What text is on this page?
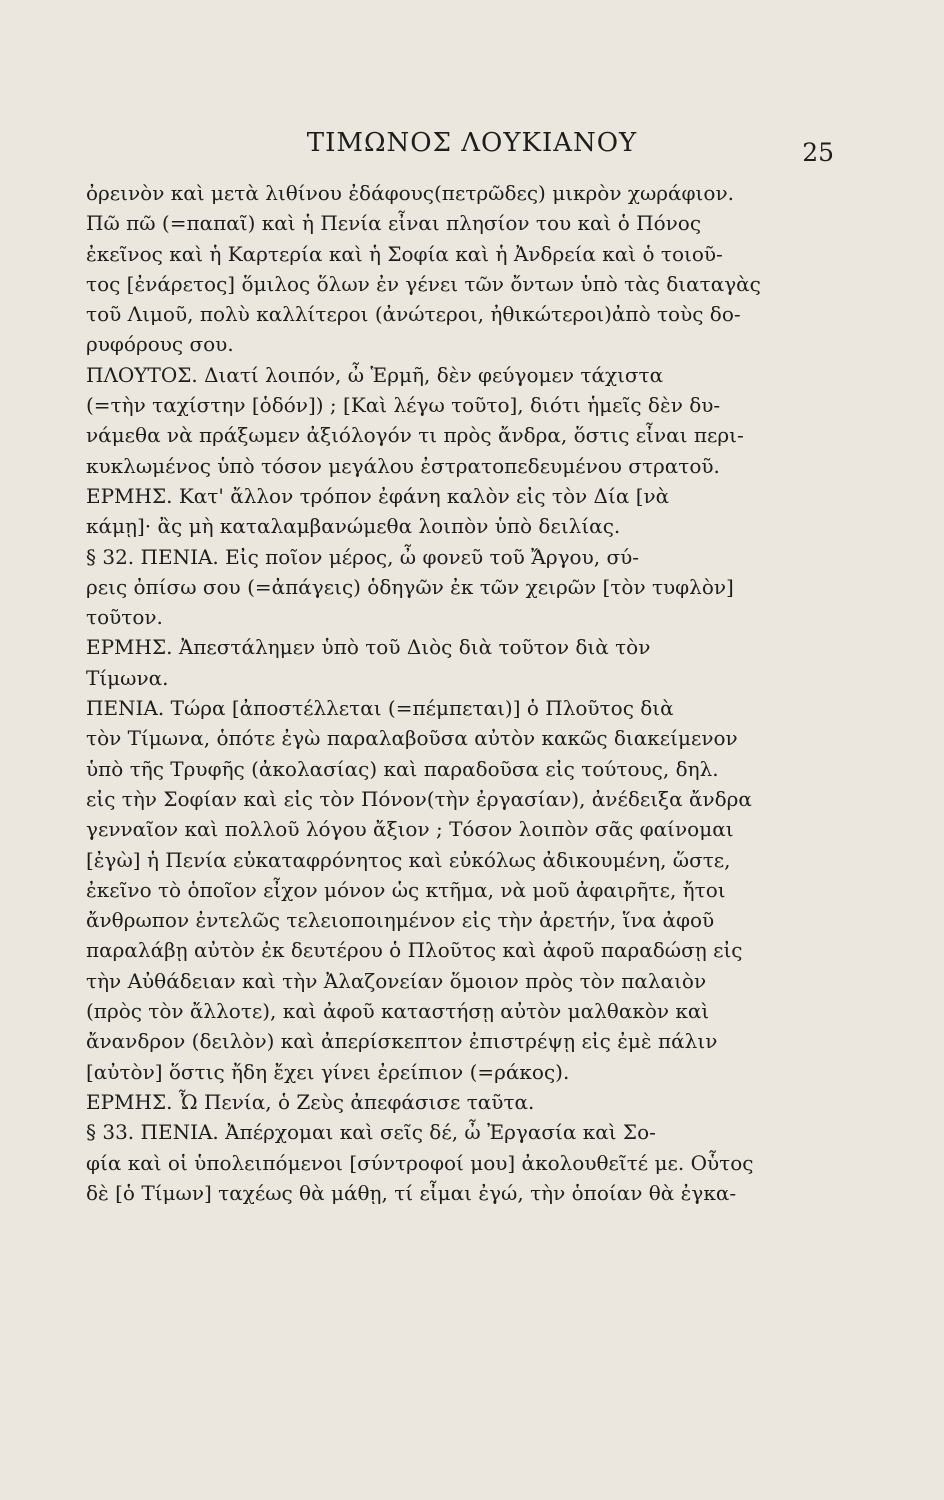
ΤΙΜΩΝΟΣ ΛΟΥΚΙΑΝΟΥ	25
ὀρεινὸν καὶ μετὰ λιθίνου ἐδάφους(πετρῶδες) μικρὸν χωράφιον.
Πῶ πῶ (=παπαῖ) καὶ ἡ Πενία εἶναι πλησίον του καὶ ὁ Πόνος
ἐκεῖνος καὶ ἡ Καρτερία καὶ ἡ Σοφία καὶ ἡ Ἀνδρεία καὶ ὁ τοιοῦ-
τος [ἐνάρετος] ὅμιλος ὅλων ἐν γένει τῶν ὄντων ὑπὸ τὰς διαταγὰς
τοῦ Λιμοῦ, πολὺ καλλίτεροι (ἀνώτεροι, ἠθικώτεροι)ἀπὸ τοὺς δο-
ρυφόρους σου.
ΠΛΟΥΤΟΣ. Διατί λοιπόν, ὦ Ἑρμῆ, δὲν φεύγομεν τάχιστα
(=τὴν ταχίστην [ὁδόν]) ; [Καὶ λέγω τοῦτο], διότι ἡμεῖς δὲν δυ-
νάμεθα νὰ πράξωμεν ἀξιόλογόν τι πρὸς ἄνδρα, ὅστις εἶναι περι-
κυκλωμένος ὑπὸ τόσον μεγάλου ἐστρατοπεδευμένου στρατοῦ.
ΕΡΜΗΣ. Κατ' ἄλλον τρόπον ἐφάνη καλὸν εἰς τὸν Δία [νὰ
κάμῃ]· ἂς μὴ καταλαμβανώμεθα λοιπὸν ὑπὸ δειλίας.
§ 32. ΠΕΝΙΑ. Εἰς ποῖον μέρος, ὦ φονεῦ τοῦ Ἄργου, σύ-
ρεις ὀπίσω σου (=ἀπάγεις) ὁδηγῶν ἐκ τῶν χειρῶν [τὸν τυφλὸν]
τοῦτον.
ΕΡΜΗΣ. Ἀπεστάλημεν ὑπὸ τοῦ Διὸς διὰ τοῦτον διὰ τὸν
Τίμωνα.
ΠΕΝΙΑ. Τώρα [ἀποστέλλεται (=πέμπεται)] ὁ Πλοῦτος διὰ
τὸν Τίμωνα, ὁπότε ἐγὼ παραλαβοῦσα αὐτὸν κακῶς διακείμενον
ὑπὸ τῆς Τρυφῆς (ἀκολασίας) καὶ παραδοῦσα εἰς τούτους, δηλ.
εἰς τὴν Σοφίαν καὶ εἰς τὸν Πόνον(τὴν ἐργασίαν), ἀνέδειξα ἄνδρα
γενναῖον καὶ πολλοῦ λόγου ἄξιον ; Τόσον λοιπὸν σᾶς φαίνομαι
[ἐγὼ] ἡ Πενία εὐκαταφρόνητος καὶ εὐκόλως ἀδικουμένη, ὥστε,
ἐκεῖνο τὸ ὁποῖον εἶχον μόνον ὡς κτῆμα, νὰ μοῦ ἀφαιρῆτε, ἤτοι
ἄνθρωπον ἐντελῶς τελειοποιημένον εἰς τὴν ἀρετήν, ἵνα ἀφοῦ
παραλάβῃ αὐτὸν ἐκ δευτέρου ὁ Πλοῦτος καὶ ἀφοῦ παραδώσῃ εἰς
τὴν Αὐθάδειαν καὶ τὴν Ἀλαζονείαν ὅμοιον πρὸς τὸν παλαιὸν
(πρὸς τὸν ἄλλοτε), καὶ ἀφοῦ καταστήσῃ αὐτὸν μαλθακὸν καὶ
ἄνανδρον (δειλὸν) καὶ ἀπερίσκεπτον ἐπιστρέψῃ εἰς ἐμὲ πάλιν
[αὐτὸν] ὅστις ἤδη ἔχει γίνει ἐρείπιον (=ράκος).
ΕΡΜΗΣ. Ὦ Πενία, ὁ Ζεὺς ἀπεφάσισε ταῦτα.
§ 33. ΠΕΝΙΑ. Ἀπέρχομαι καὶ σεῖς δέ, ὦ Ἐργασία καὶ Σο-
φία καὶ οἱ ὑπολειπόμενοι [σύντροφοί μου] ἀκολουθεῖτέ με. Οὗτος
δὲ [ὁ Τίμων] ταχέως θὰ μάθῃ, τί εἶμαι ἐγώ, τὴν ὁποίαν θὰ ἐγκα-
